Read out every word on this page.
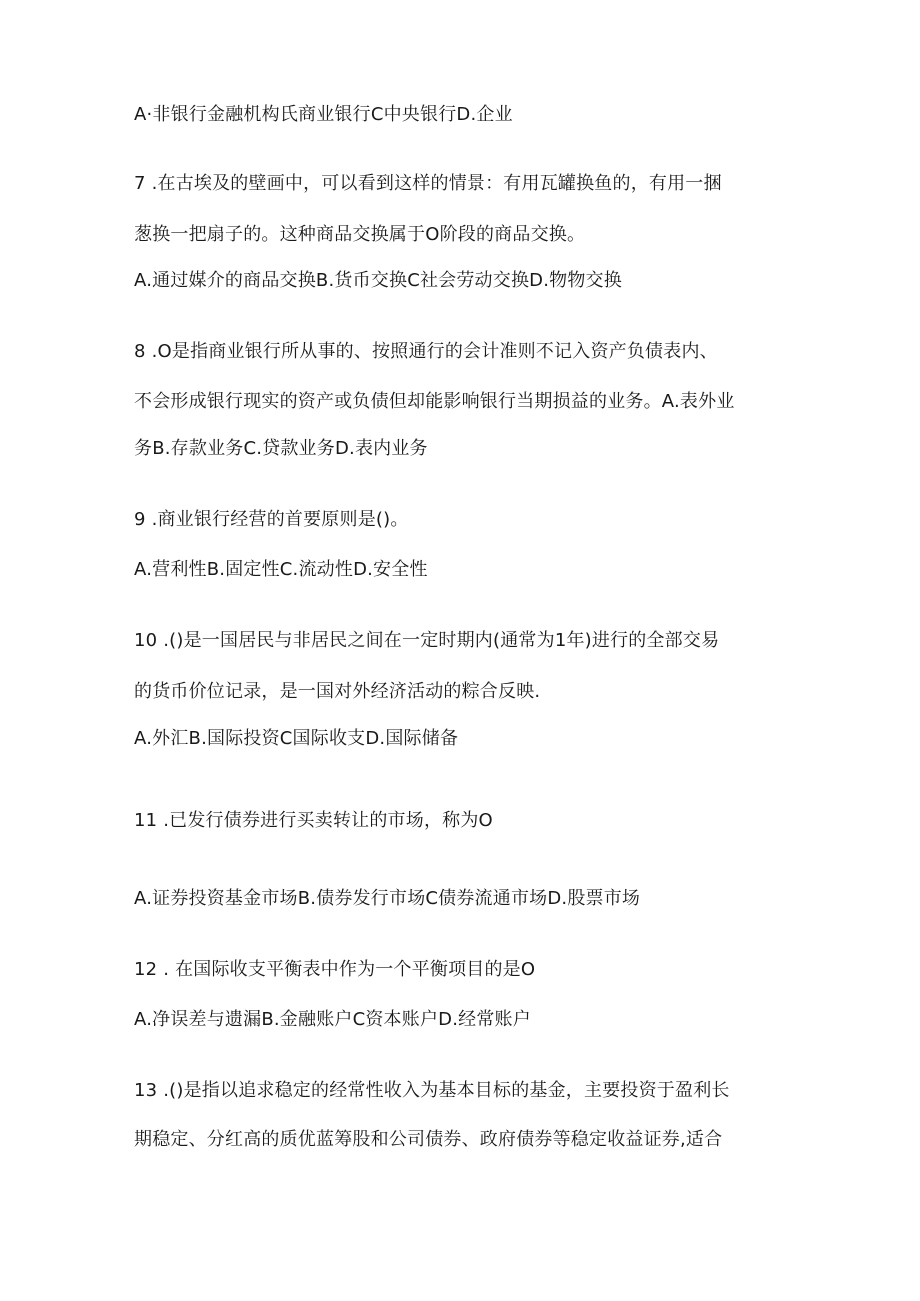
A·非银行金融机构氏商业银行C中央银行D.企业
7 .在古埃及的壁画中，可以看到这样的情景：有用瓦罐换鱼的，有用一捆
葱换一把扇子的。这种商品交换属于O阶段的商品交换。
A.通过媒介的商品交换B.货币交换C社会劳动交换D.物物交换
8 .O是指商业银行所从事的、按照通行的会计准则不记入资产负债表内、
不会形成银行现实的资产或负债但却能影响银行当期损益的业务。A.表外业
务B.存款业务C.贷款业务D.表内业务
9 .商业银行经营的首要原则是()。
A.营利性B.固定性C.流动性D.安全性
10 .()是一国居民与非居民之间在一定时期内(通常为1年)进行的全部交易
的货币价位记录，是一国对外经济活动的粽合反映.
A.外汇B.国际投资C国际收支D.国际储备
11 .已发行债券进行买卖转让的市场，称为O
A.证券投资基金市场B.债券发行市场C债券流通市场D.股票市场
12 . 在国际收支平衡表中作为一个平衡项目的是O
A.净误差与遗漏B.金融账户C资本账户D.经常账户
13 .()是指以追求稳定的经常性收入为基本目标的基金，主要投资于盈利长
期稳定、分红高的质优蓝筹股和公司债券、政府债券等稳定收益证券,适合
